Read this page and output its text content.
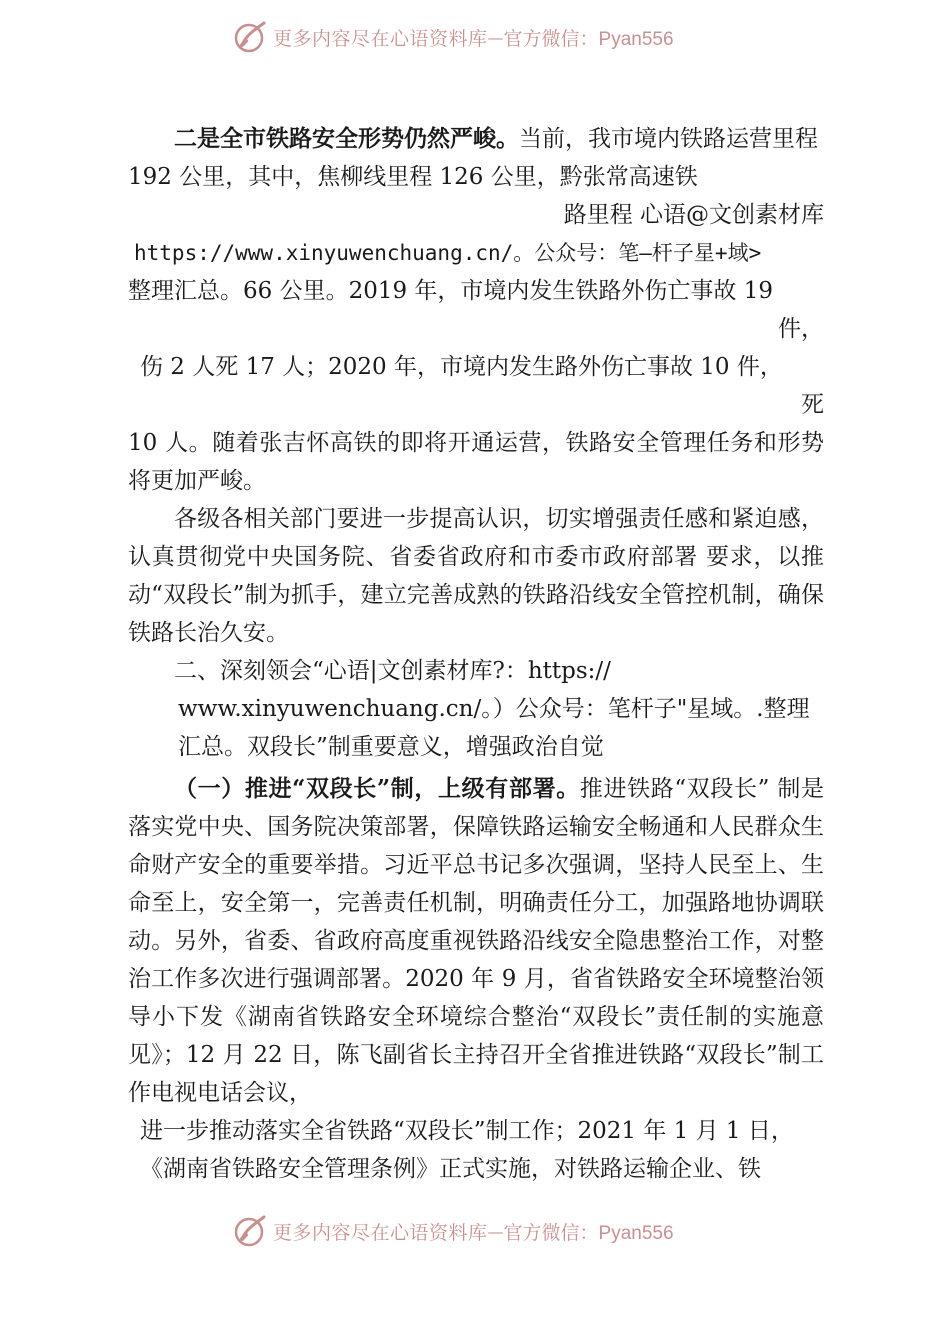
更多内容尽在心语资料库 — 官方微信：Pyan556

二是全市铁路安全形势仍然严峻。当前，我市境内铁路运营里程 192 公里，其中，焦柳线里程 126 公里，黔张常高速铁

路里程 心语@文创素材库

https://www.xinyuwenchuang.cn/。公众号：笔—杆子星+域>

整理汇总。66 公里。2019 年，市境内发生铁路外伤亡事故 19

件，

伤 2 人死 17 人；2020 年，市境内发生路外伤亡事故 10 件，

死

10 人。随着张吉怀高铁的即将开通运营，铁路安全管理任务和形势将更加严峻。

各级各相关部门要进一步提高认识，切实增强责任感和紧迫感，认真贯彻党中央国务院、省委省政府和市委市政府部署 要求，以推动“双段长”制为抓手，建立完善成熟的铁路沿线安全管控机制，确保铁路长治久安。

二、深刻领会“心语|文创素材库?：https://

www.xinyuwenchuang.cn/。）公众号：笔杆子"星域。.整理

汇总。双段长”制重要意义，增强政治自觉

（一）推进“双段长”制，上级有部署。推进铁路“双段长” 制是落实党中央、国务院决策部署，保障铁路运输安全畅通和人民群众生命财产安全的重要举措。习近平总书记多次强调，坚持人民至上、生命至上，安全第一，完善责任机制，明确责任分工，加强路地协调联动。另外，省委、省政府高度重视铁路沿线安全隐患整治工作，对整治工作多次进行强调部署。2020 年 9 月，省省铁路安全环境整治领导小下发《湖南省铁路安全环境综合整治“双段长”责任制的实施意见》；12 月 22 日，陈飞副省长主持召开全省推进铁路“双段长”制工作电视电话会议，

进一步推动落实全省铁路“双段长”制工作；2021 年 1 月 1 日，《湖南省铁路安全管理条例》正式实施，对铁路运输企业、铁

更多内容尽在心语资料库 — 官方微信：Pyan556
